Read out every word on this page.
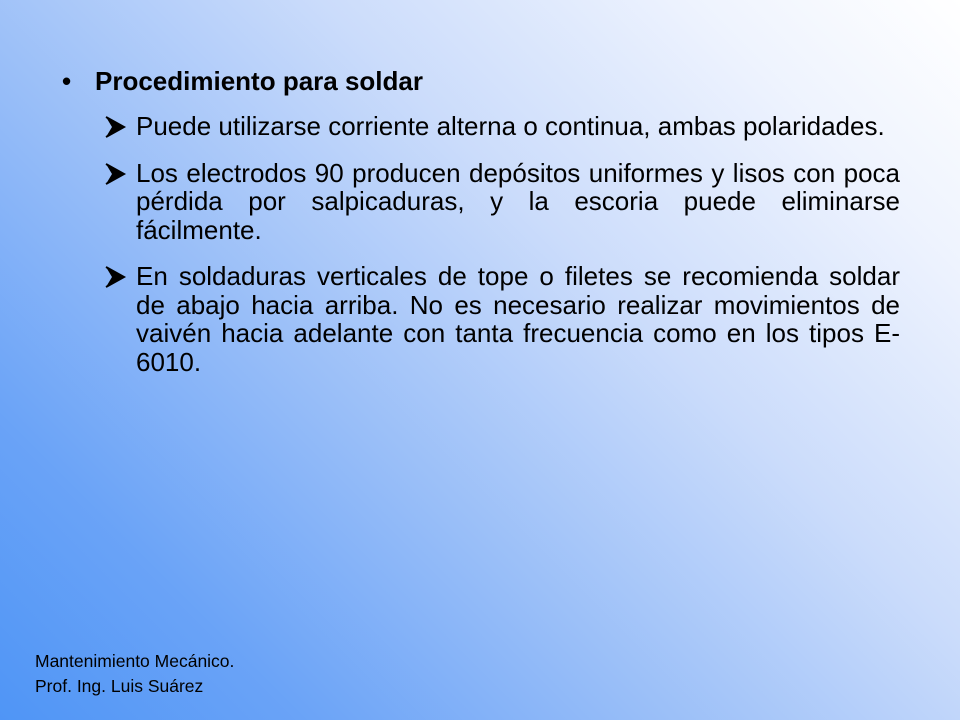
• Procedimiento para soldar
Puede utilizarse corriente alterna o continua, ambas polaridades.
Los electrodos 90 producen depósitos uniformes y lisos con poca pérdida por salpicaduras, y la escoria puede eliminarse fácilmente.
En soldaduras verticales de tope o filetes se recomienda soldar de abajo hacia arriba. No es necesario realizar movimientos de vaivén hacia adelante con tanta frecuencia como en los tipos E-6010.
Mantenimiento Mecánico.
Prof. Ing. Luis Suárez
